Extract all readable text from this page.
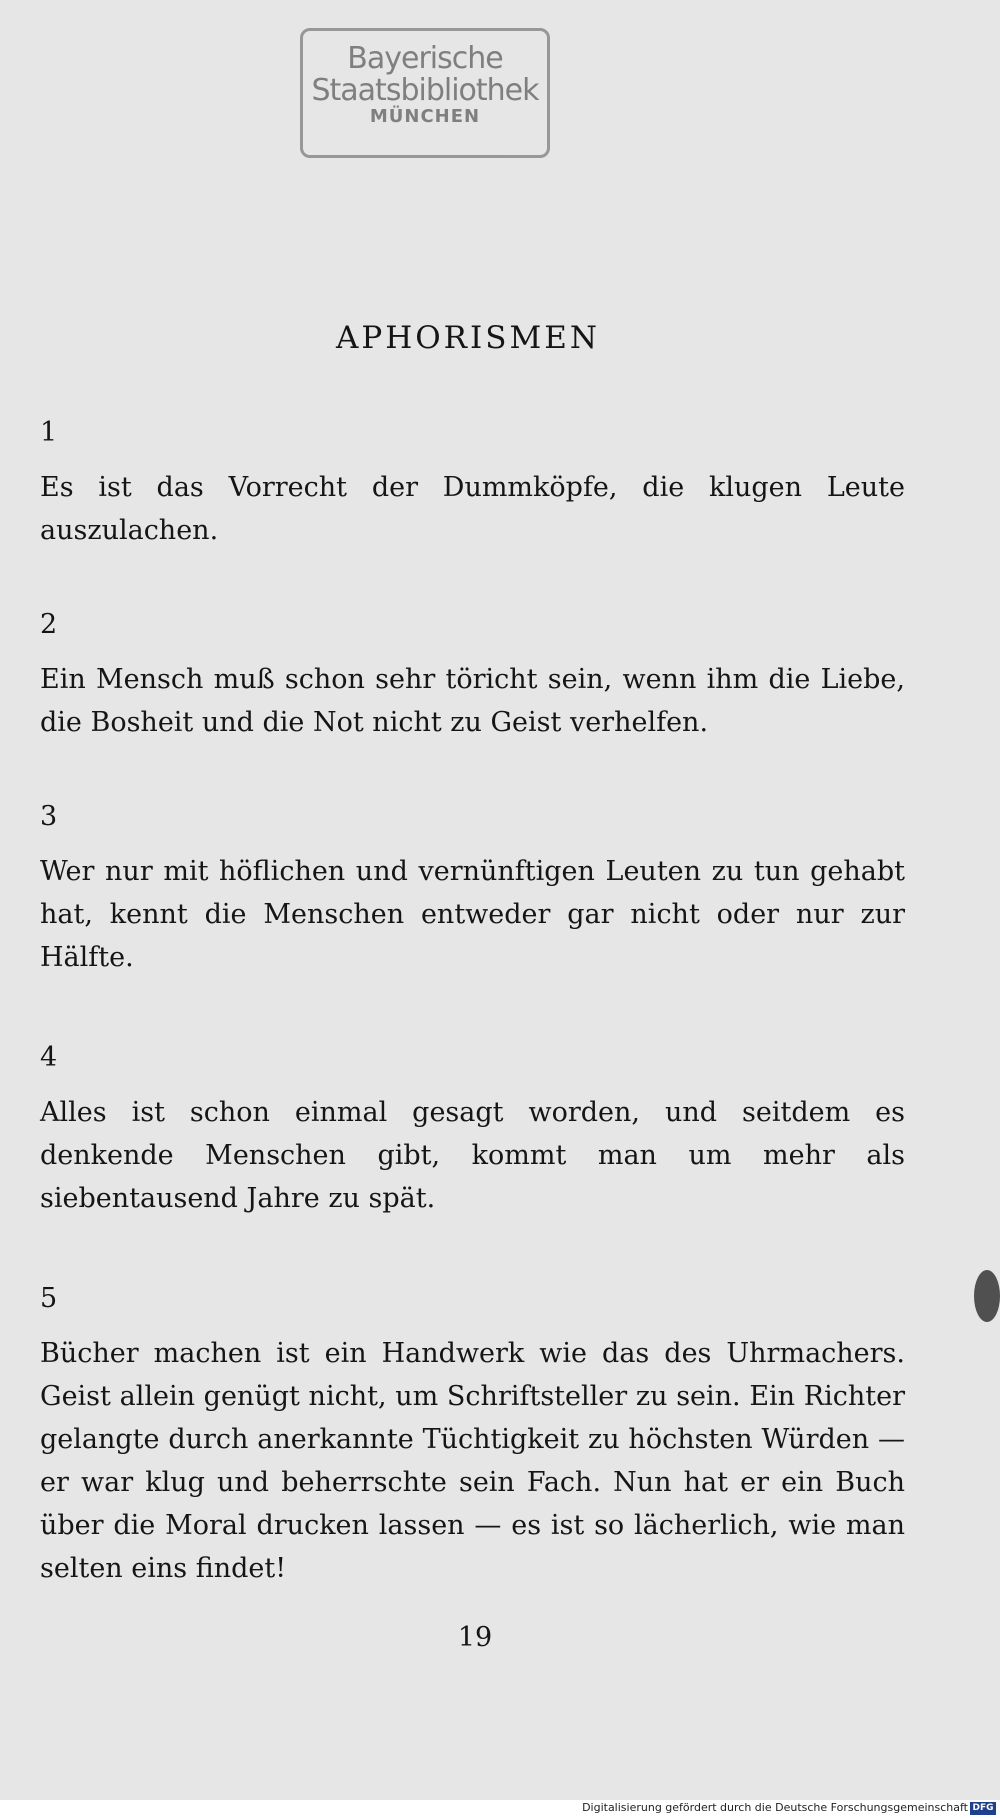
Bayerische
Staatsbibliothek
MÜNCHEN
APHORISMEN
1

Es ist das Vorrecht der Dummköpfe, die klugen Leute auszulachen.

2

Ein Mensch muß schon sehr töricht sein, wenn ihm die Liebe, die Bosheit und die Not nicht zu Geist verhelfen.

3

Wer nur mit höflichen und vernünftigen Leuten zu tun gehabt hat, kennt die Menschen entweder gar nicht oder nur zur Hälfte.

4

Alles ist schon einmal gesagt worden, und seitdem es denkende Menschen gibt, kommt man um mehr als siebentausend Jahre zu spät.

5

Bücher machen ist ein Handwerk wie das des Uhrmachers. Geist allein genügt nicht, um Schriftsteller zu sein. Ein Richter gelangte durch anerkannte Tüchtigkeit zu höchsten Würden — er war klug und beherrschte sein Fach. Nun hat er ein Buch über die Moral drucken lassen — es ist so lächerlich, wie man selten eins findet!

19
Digitalisierung gefördert durch die Deutsche Forschungsgemeinschaft DFG
